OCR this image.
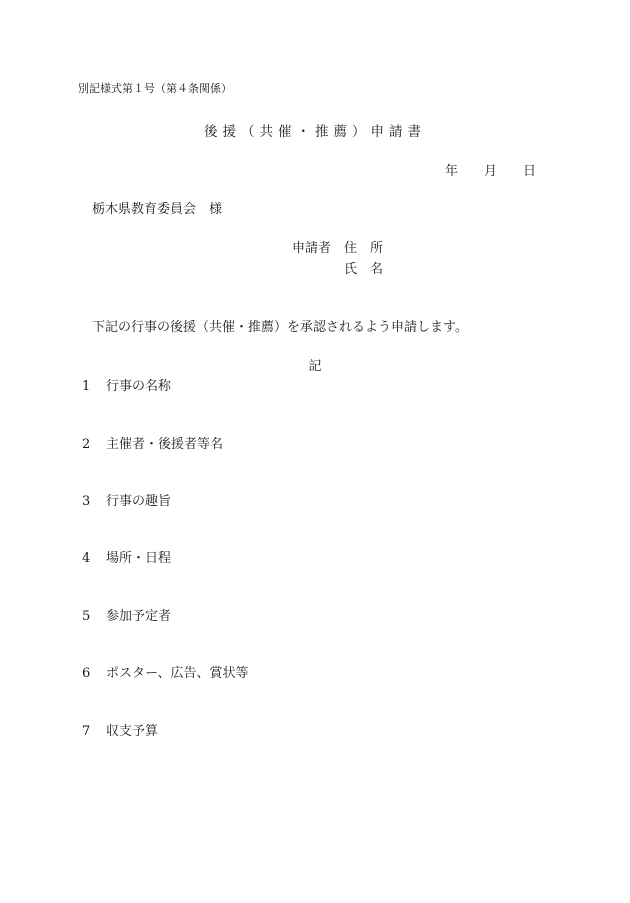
別記様式第１号（第４条関係）
後援（共催・推薦）申請書
年 月 日
栃木県教育委員会　様
申請者 住　所
氏　名
下記の行事の後援（共催・推薦）を承認されるよう申請します。
記
1 行事の名称
2 主催者・後援者等名
3 行事の趣旨
4 場所・日程
5 参加予定者
6 ポスター、広告、賞状等
7 収支予算
